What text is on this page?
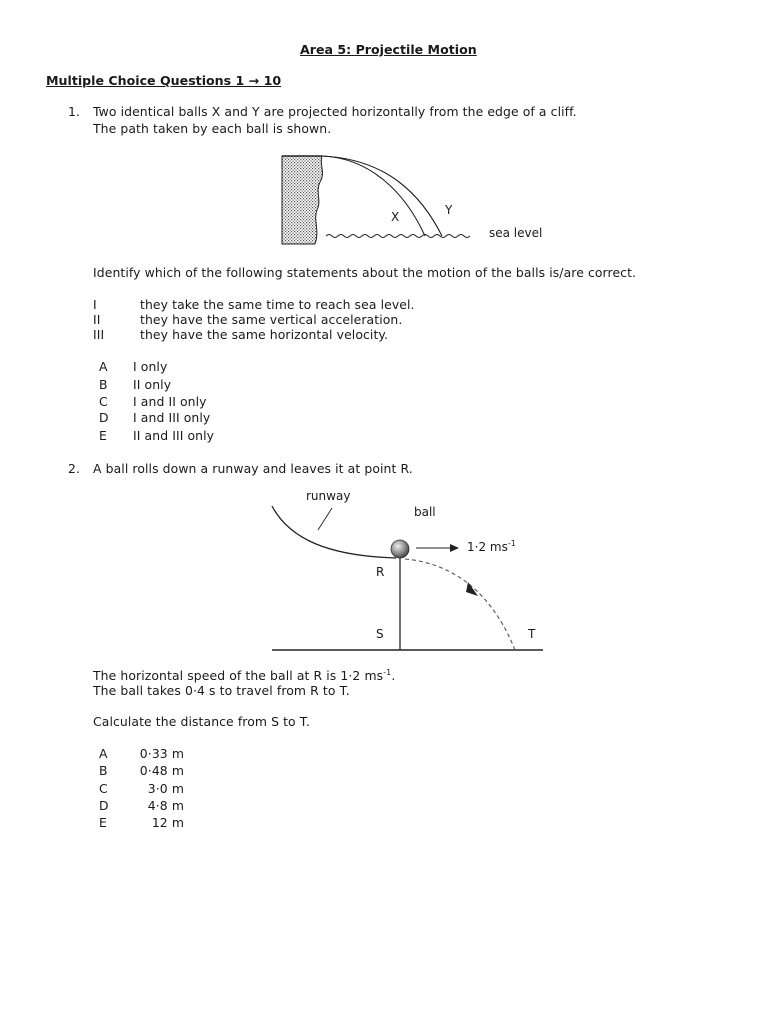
Area 5: Projectile Motion
Multiple Choice Questions 1 → 10
1. Two identical balls X and Y are projected horizontally from the edge of a cliff.
The path taken by each ball is shown.
X	Y
sea level
Identify which of the following statements about the motion of the balls is/are correct.
I	they take the same time to reach sea level.
II	they have the same vertical acceleration.
III	they have the same horizontal velocity.
A I only
B II only
C I and II only
D I and III only
E II and III only
2. A ball rolls down a runway and leaves it at point R.
runway
ball
1·2 $ms^{-1}$
R
S	T
The horizontal speed of the ball at R is 1·2 $ms^{-1}$.
The ball takes 0·4 s to travel from R to T.
Calculate the distance from S to T.
A	0·33 m
B	0·48 m
C	3·0 m
D	4·8 m
E	12 m
